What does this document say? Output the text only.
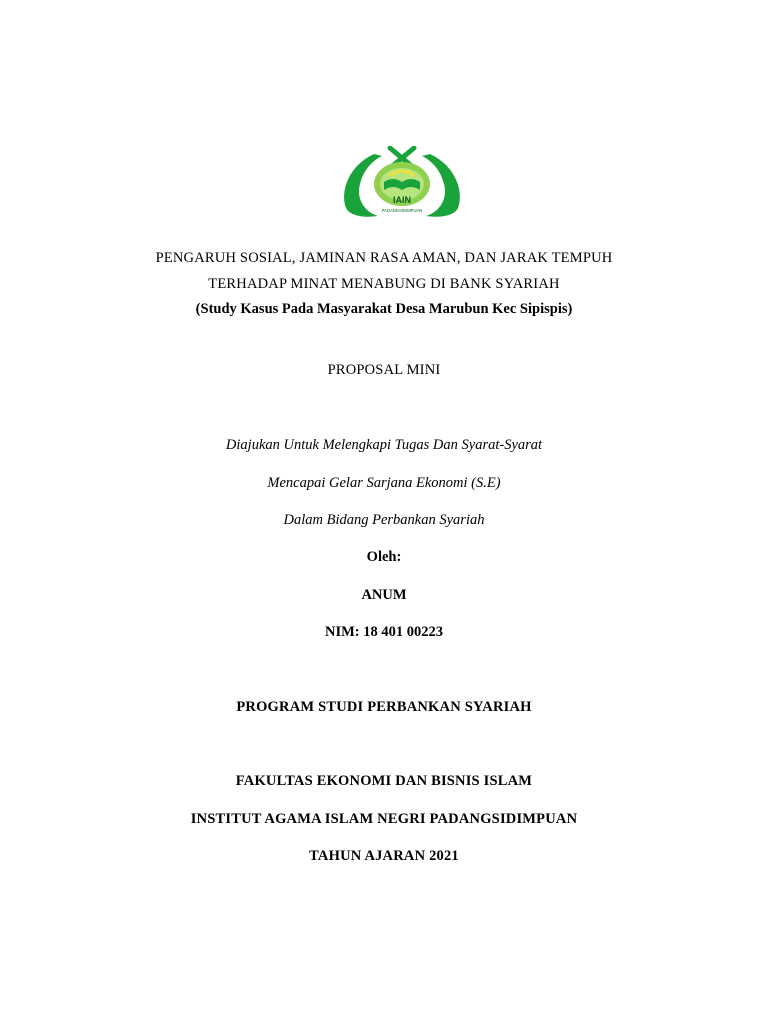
IAIN
PADANGSIDIMPUAN
PENGARUH SOSIAL, JAMINAN RASA AMAN, DAN JARAK TEMPUH
TERHADAP MINAT MENABUNG DI BANK SYARIAH
(Study Kasus Pada Masyarakat Desa Marubun Kec Sipispis)
PROPOSAL MINI
Diajukan Untuk Melengkapi Tugas Dan Syarat-Syarat
Mencapai Gelar Sarjana Ekonomi (S.E)
Dalam Bidang Perbankan Syariah
Oleh:
ANUM
NIM: 18 401 00223
PROGRAM STUDI PERBANKAN SYARIAH
FAKULTAS EKONOMI DAN BISNIS ISLAM
INSTITUT AGAMA ISLAM NEGRI PADANGSIDIMPUAN
TAHUN AJARAN 2021
